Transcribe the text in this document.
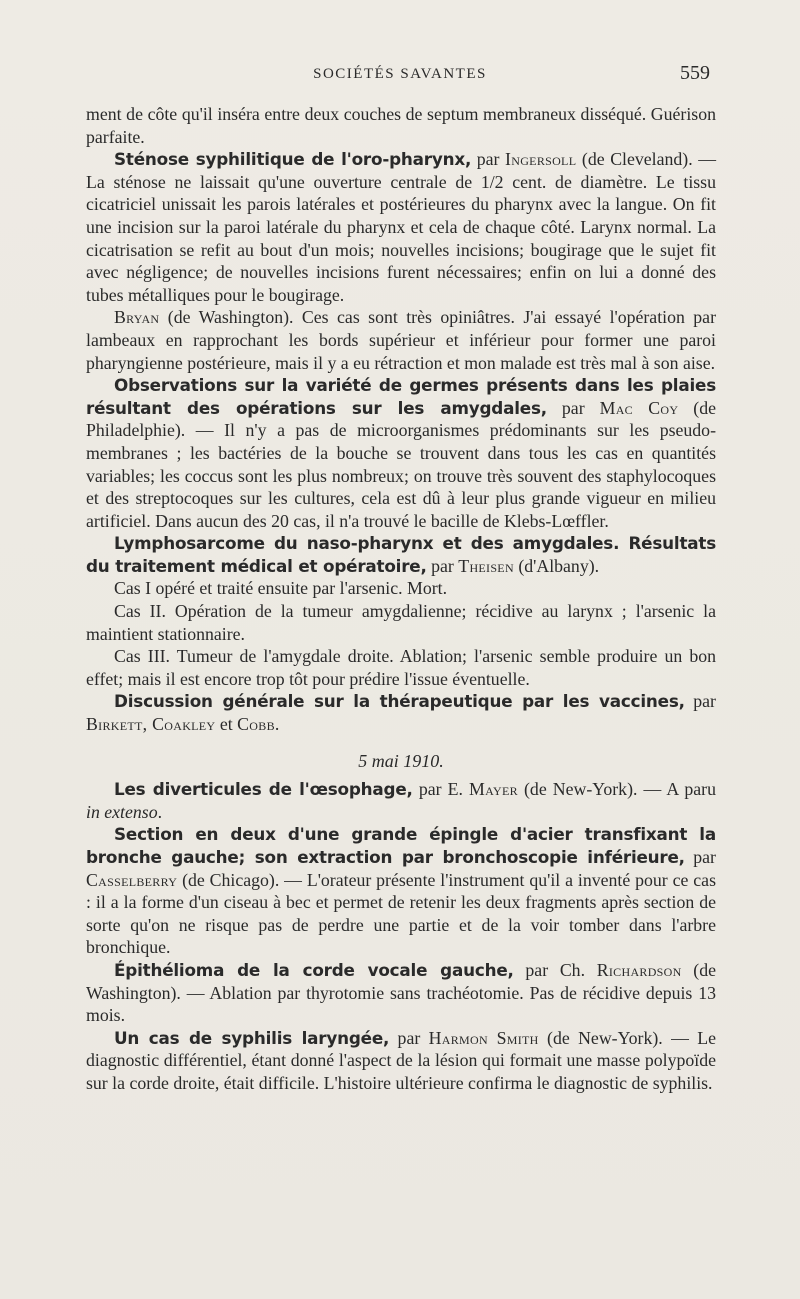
SOCIÉTÉS SAVANTES	559

ment de côte qu'il inséra entre deux couches de septum membraneux disséqué. Guérison parfaite.

Sténose syphilitique de l'oro-pharynx, par Ingersoll (de Cleveland). — La sténose ne laissait qu'une ouverture centrale de 1/2 cent. de diamètre. Le tissu cicatriciel unissait les parois latérales et postérieures du pharynx avec la langue. On fit une incision sur la paroi latérale du pharynx et cela de chaque côté. Larynx normal. La cicatrisation se refit au bout d'un mois; nouvelles incisions; bougirage que le sujet fit avec négligence; de nouvelles incisions furent nécessaires; enfin on lui a donné des tubes métalliques pour le bougirage.

Bryan (de Washington). Ces cas sont très opiniâtres. J'ai essayé l'opération par lambeaux en rapprochant les bords supérieur et inférieur pour former une paroi pharyngienne postérieure, mais il y a eu rétraction et mon malade est très mal à son aise.

Observations sur la variété de germes présents dans les plaies résultant des opérations sur les amygdales, par Mac Coy (de Philadelphie). — Il n'y a pas de microorganismes prédominants sur les pseudo-membranes ; les bactéries de la bouche se trouvent dans tous les cas en quantités variables; les coccus sont les plus nombreux; on trouve très souvent des staphylocoques et des streptocoques sur les cultures, cela est dû à leur plus grande vigueur en milieu artificiel. Dans aucun des 20 cas, il n'a trouvé le bacille de Klebs-Lœffler.

Lymphosarcome du naso-pharynx et des amygdales. Résultats du traitement médical et opératoire, par Theisen (d'Albany).

Cas I opéré et traité ensuite par l'arsenic. Mort.

Cas II. Opération de la tumeur amygdalienne; récidive au larynx ; l'arsenic la maintient stationnaire.

Cas III. Tumeur de l'amygdale droite. Ablation; l'arsenic semble produire un bon effet; mais il est encore trop tôt pour prédire l'issue éventuelle.

Discussion générale sur la thérapeutique par les vaccines, par Birkett, Coakley et Cobb.

5 mai 1910.

Les diverticules de l'œsophage, par E. Mayer (de New-York). — A paru in extenso.

Section en deux d'une grande épingle d'acier transfixant la bronche gauche; son extraction par bronchoscopie inférieure, par Casselberry (de Chicago). — L'orateur présente l'instrument qu'il a inventé pour ce cas : il a la forme d'un ciseau à bec et permet de retenir les deux fragments après section de sorte qu'on ne risque pas de perdre une partie et de la voir tomber dans l'arbre bronchique.

Épithélioma de la corde vocale gauche, par Ch. Richardson (de Washington). — Ablation par thyrotomie sans trachéotomie. Pas de récidive depuis 13 mois.

Un cas de syphilis laryngée, par Harmon Smith (de New-York). — Le diagnostic différentiel, étant donné l'aspect de la lésion qui formait une masse polypoïde sur la corde droite, était difficile. L'histoire ultérieure confirma le diagnostic de syphilis.
